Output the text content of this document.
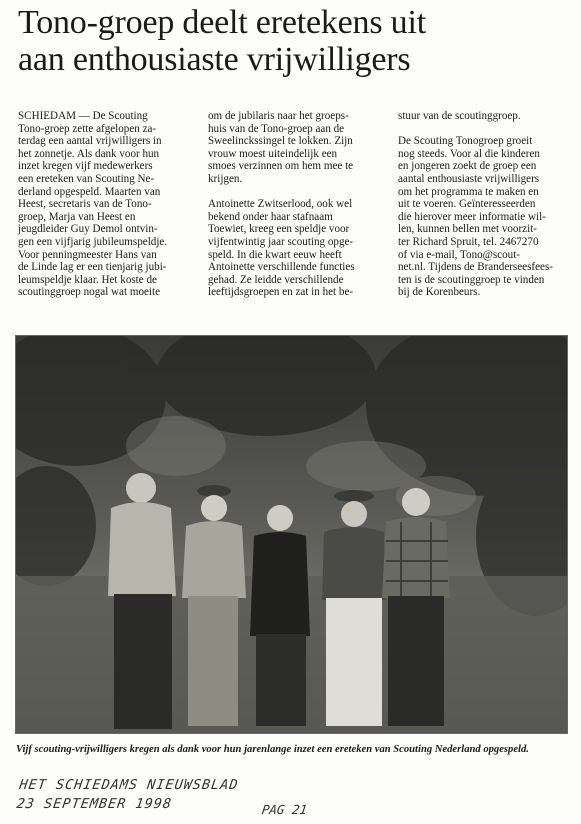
Tono-groep deelt eretekens uit
aan enthousiaste vrijwilligers

SCHIEDAM — De Scouting
Tono-groep zette afgelopen za-
terdag een aantal vrijwilligers in
het zonnetje. Als dank voor hun
inzet kregen vijf medewerkers
een ereteken van Scouting Ne-
derland opgespeld. Maarten van
Heest, secretaris van de Tono-
groep, Marja van Heest en
jeugdleider Guy Demol ontvin-
gen een vijfjarig jubileumspeldje.
Voor penningmeester Hans van
de Linde lag er een tienjarig jubi-
leumspeldje klaar. Het koste de
scoutinggroep nogal wat moeite

om de jubilaris naar het groeps-
huis van de Tono-groep aan de
Sweelinckssingel te lokken. Zijn
vrouw moest uiteindelijk een
smoes verzinnen om hem mee te
krijgen.

Antoinette Zwitserlood, ook wel
bekend onder haar stafnaam
Toewiet, kreeg een speldje voor
vijfentwintig jaar scouting opge-
speld. In die kwart eeuw heeft
Antoinette verschillende functies
gehad. Ze leidde verschillende
leeftijdsgroepen en zat in het be-

stuur van de scoutinggroep.

De Scouting Tonogroep groeit
nog steeds. Voor al die kinderen
en jongeren zoekt de groep een
aantal enthousiaste vrijwilligers
om het programma te maken en
uit te voeren. Geïnteresseerden
die hierover meer informatie wil-
len, kunnen bellen met voorzit-
ter Richard Spruit, tel. 2467270
of via e-mail, Tono@scout-
net.nl. Tijdens de Branderseesfees-
ten is de scoutinggroep te vinden
bij de Korenbeurs.

Vijf scouting-vrijwilligers kregen als dank voor hun jarenlange inzet een ereteken van Scouting Nederland opgespeld.
HET SCHIEDAMS NIEUWSBLAD
23 SEPTEMBER 1998	PAG 21
